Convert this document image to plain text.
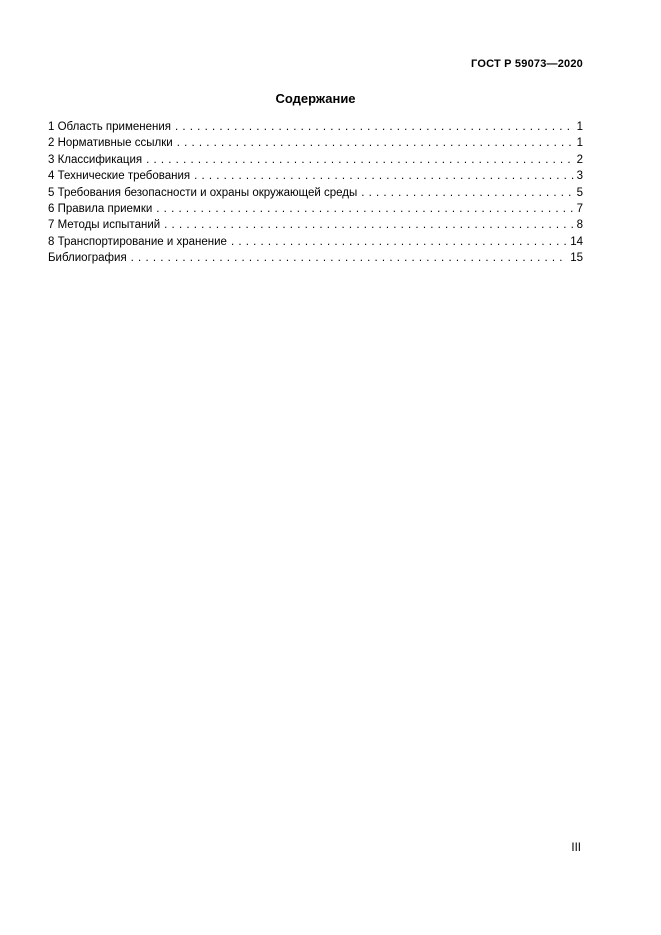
ГОСТ Р 59073—2020
Содержание
1 Область применения . . .	1
2 Нормативные ссылки . . .	1
3 Классификация . . .	2
4 Технические требования . . .	3
5 Требования безопасности и охраны окружающей среды . . .	5
6 Правила приемки . . .	7
7 Методы испытаний . . .	8
8 Транспортирование и хранение . . .	14
Библиография . . .	15
III
